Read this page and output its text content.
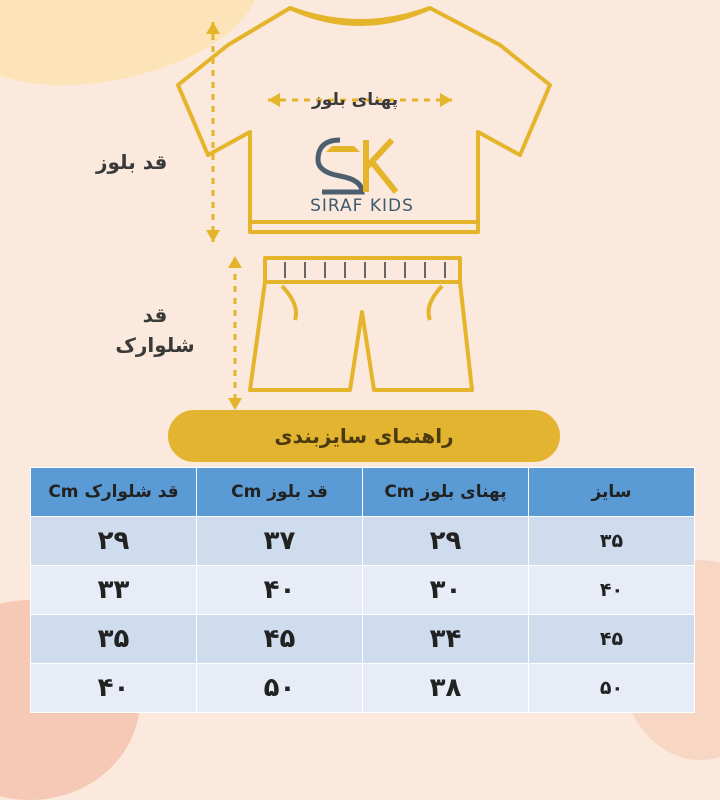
پهنای بلوز
قد بلوز
قد
شلوارک
SIRAF KIDS
راهنمای سایزبندی
قد شلوارک Cm	قد بلوز Cm	پهنای بلوز Cm	سایز
۲۹	۳۷	۲۹	۳۵
۳۳	۴۰	۳۰	۴۰
۳۵	۴۵	۳۴	۴۵
۴۰	۵۰	۳۸	۵۰
